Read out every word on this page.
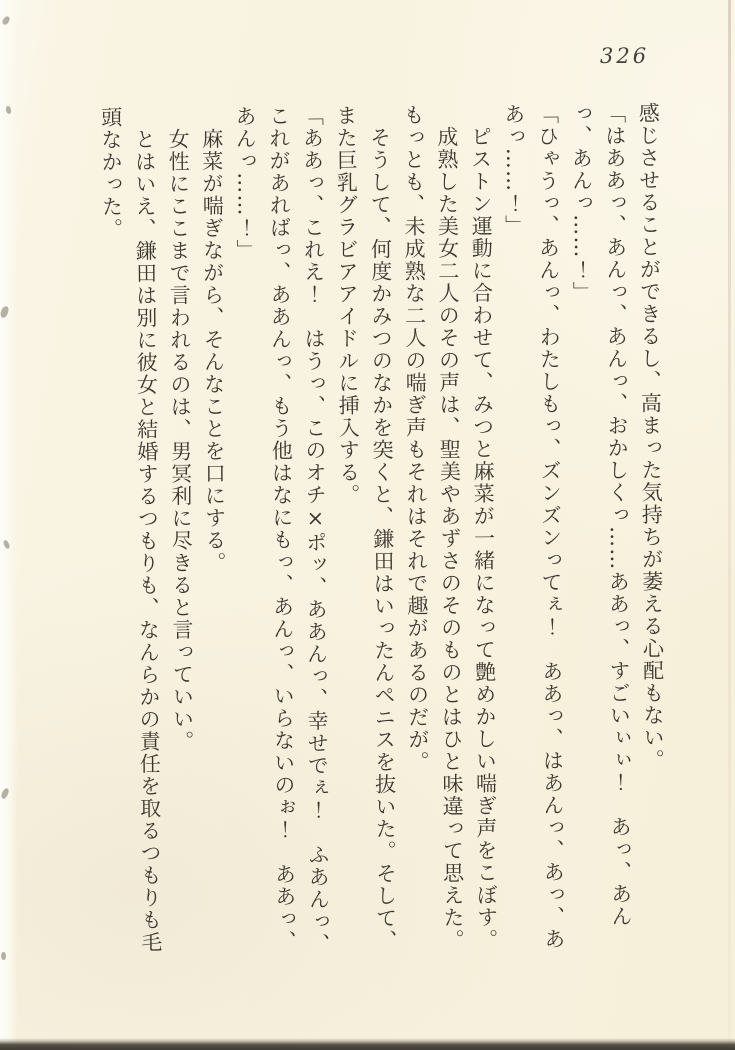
326

感じさせることができるし、高まった気持ちが萎える心配もない。

「はああっ、あんっ、あんっ、おかしくっ……ああっ、すごいぃぃ！　あっ、あんっ、あんっ……！」

「ひゃうっ、あんっ、わたしもっ、ズンズンってぇ！　ああっ、はあんっ、あっ、ああっ……！」

　ピストン運動に合わせて、みつと麻菜が一緒になって艶めかしい喘ぎ声をこぼす。

　成熟した美女二人のその声は、聖美やあずさのそのものとはひと味違って思えた。もっとも、未成熟な二人の喘ぎ声もそれはそれで趣があるのだが。

　そうして、何度かみつのなかを突くと、鎌田はいったんペニスを抜いた。そして、また巨乳グラビアアイドルに挿入する。

「ああっ、これえ！　はうっ、このオチ×ポッ、ああんっ、幸せでぇ！　ふあんっ、これがあればっ、ああんっ、もう他はなにもっ、あんっ、いらないのぉ！　ああっ、あんっ……！」

　麻菜が喘ぎながら、そんなことを口にする。

　女性にここまで言われるのは、男冥利に尽きると言っていい。

　とはいえ、鎌田は別に彼女と結婚するつもりも、なんらかの責任を取るつもりも毛頭なかった。
